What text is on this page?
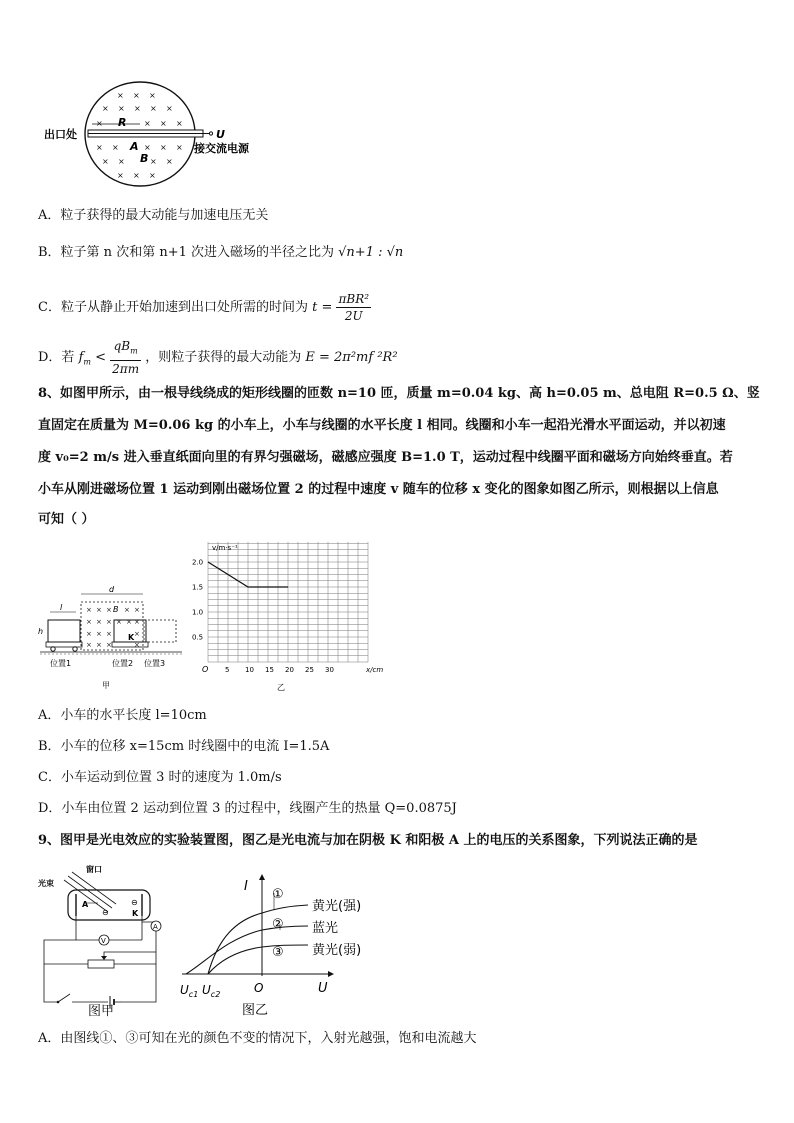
× × ×
× × × × ×
×	× × ×
× ×	× × ×
× ×	× ×
× × ×
R
A
B
出口处	U
接交流电源
A．粒子获得的最大动能与加速电压无关
B．粒子第 n 次和第 n+1 次进入磁场的半径之比为 √n+1 : √n
C．粒子从静止开始加速到出口处所需的时间为 $t = \frac{\text{πBR²}}{2U}$
D．若 $f_m < \frac{qB_m}{2\pi m}$ ，则粒子获得的最大动能为 E = 2π²mf ²R²
8、如图甲所示，由一根导线绕成的矩形线圈的匝数 n=10 匝，质量 m=0.04 kg、高 h=0.05 m、总电阻 R=0.5 Ω、竖
直固定在质量为 M=0.06 kg 的小车上，小车与线圈的水平长度 l 相同。线圈和小车一起沿光滑水平面运动，并以初速
度 v₀=2 m/s 进入垂直纸面向里的有界匀强磁场，磁感应强度 B=1.0 T，运动过程中线圈平面和磁场方向始终垂直。若
小车从刚进磁场位置 1 运动到刚出磁场位置 2 的过程中速度 v 随车的位移 x 变化的图象如图乙所示，则根据以上信息
可知（ ）
× × × × ×
× × × × × ×
× × ×	×
× × ×	×
B
K
d
l
h
位置1	位置2 位置3
甲
5 10 15 20 25 30
0.5
1.0
1.5
2.0
v/m·s⁻¹
x/cm
O
乙
A．小车的水平长度 l=10cm
B．小车的位移 x=15cm 时线圈中的电流 I=1.5A
C．小车运动到位置 3 时的速度为 1.0m/s
D．小车由位置 2 运动到位置 3 的过程中，线圈产生的热量 Q=0.0875J
9、图甲是光电效应的实验装置图，图乙是光电流与加在阴极 K 和阳极 A 上的电压的关系图象，下列说法正确的是
窗口
光束
A
⊖
⊖
K
A
V
图甲
I
U
O
①
②
③
黄光(强)
蓝光
黄光(弱)
$U_{c1}$ $U_{c2}$
图乙
A．由图线①、③可知在光的颜色不变的情况下，入射光越强，饱和电流越大
